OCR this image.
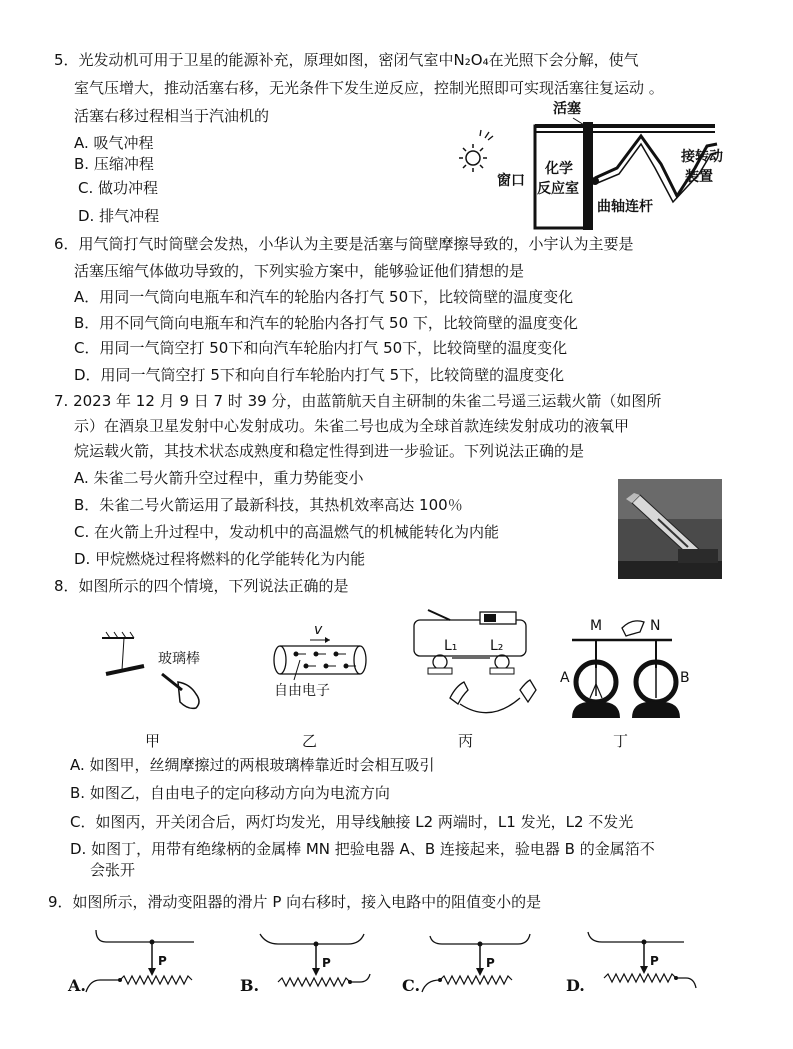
5．光发动机可用于卫星的能源补充，原理如图，密闭气室中N₂O₄在光照下会分解，使气
室气压增大，推动活塞右移，无光条件下发生逆反应，控制光照即可实现活塞往复运动 。
活塞右移过程相当于汽油机的
A. 吸气冲程
B. 压缩冲程
C. 做功冲程
D. 排气冲程
活塞
窗口
化学
反应室
曲轴连杆
接转动
装置
6．用气筒打气时筒壁会发热，小华认为主要是活塞与筒壁摩擦导致的，小宇认为主要是
活塞压缩气体做功导致的，下列实验方案中，能够验证他们猜想的是
A．用同一气筒向电瓶车和汽车的轮胎内各打气 50下，比较筒壁的温度变化
B．用不同气筒向电瓶车和汽车的轮胎内各打气 50 下，比较筒壁的温度变化
C．用同一气筒空打 50下和向汽车轮胎内打气 50下，比较筒壁的温度变化
D．用同一气筒空打 5下和向自行车轮胎内打气 5下，比较筒壁的温度变化
7. 2023 年 12 月 9 日 7 时 39 分，由蓝箭航天自主研制的朱雀二号遥三运载火箭（如图所
示）在酒泉卫星发射中心发射成功。朱雀二号也成为全球首款连续发射成功的液氧甲
烷运载火箭，其技术状态成熟度和稳定性得到进一步验证。下列说法正确的是
A. 朱雀二号火箭升空过程中，重力势能变小
B．朱雀二号火箭运用了最新科技，其热机效率高达 100％
C. 在火箭上升过程中，发动机中的高温燃气的机械能转化为内能
D. 甲烷燃烧过程将燃料的化学能转化为内能
8．如图所示的四个情境，下列说法正确的是
玻璃棒
v
自由电子
L₁ L₂
M	N
A	B
甲	乙	丙	丁
A. 如图甲，丝绸摩擦过的两根玻璃棒靠近时会相互吸引
B. 如图乙，自由电子的定向移动方向为电流方向
C．如图丙，开关闭合后，两灯均发光，用导线触接 L2 两端时，L1 发光，L2 不发光
D. 如图丁，用带有绝缘柄的金属棒 MN 把验电器 A、B 连接起来，验电器 B 的金属箔不
会张开
9．如图所示，滑动变阻器的滑片 P 向右移时，接入电路中的阻值变小的是
A.
P
B.
P
C.
P
D.
P
